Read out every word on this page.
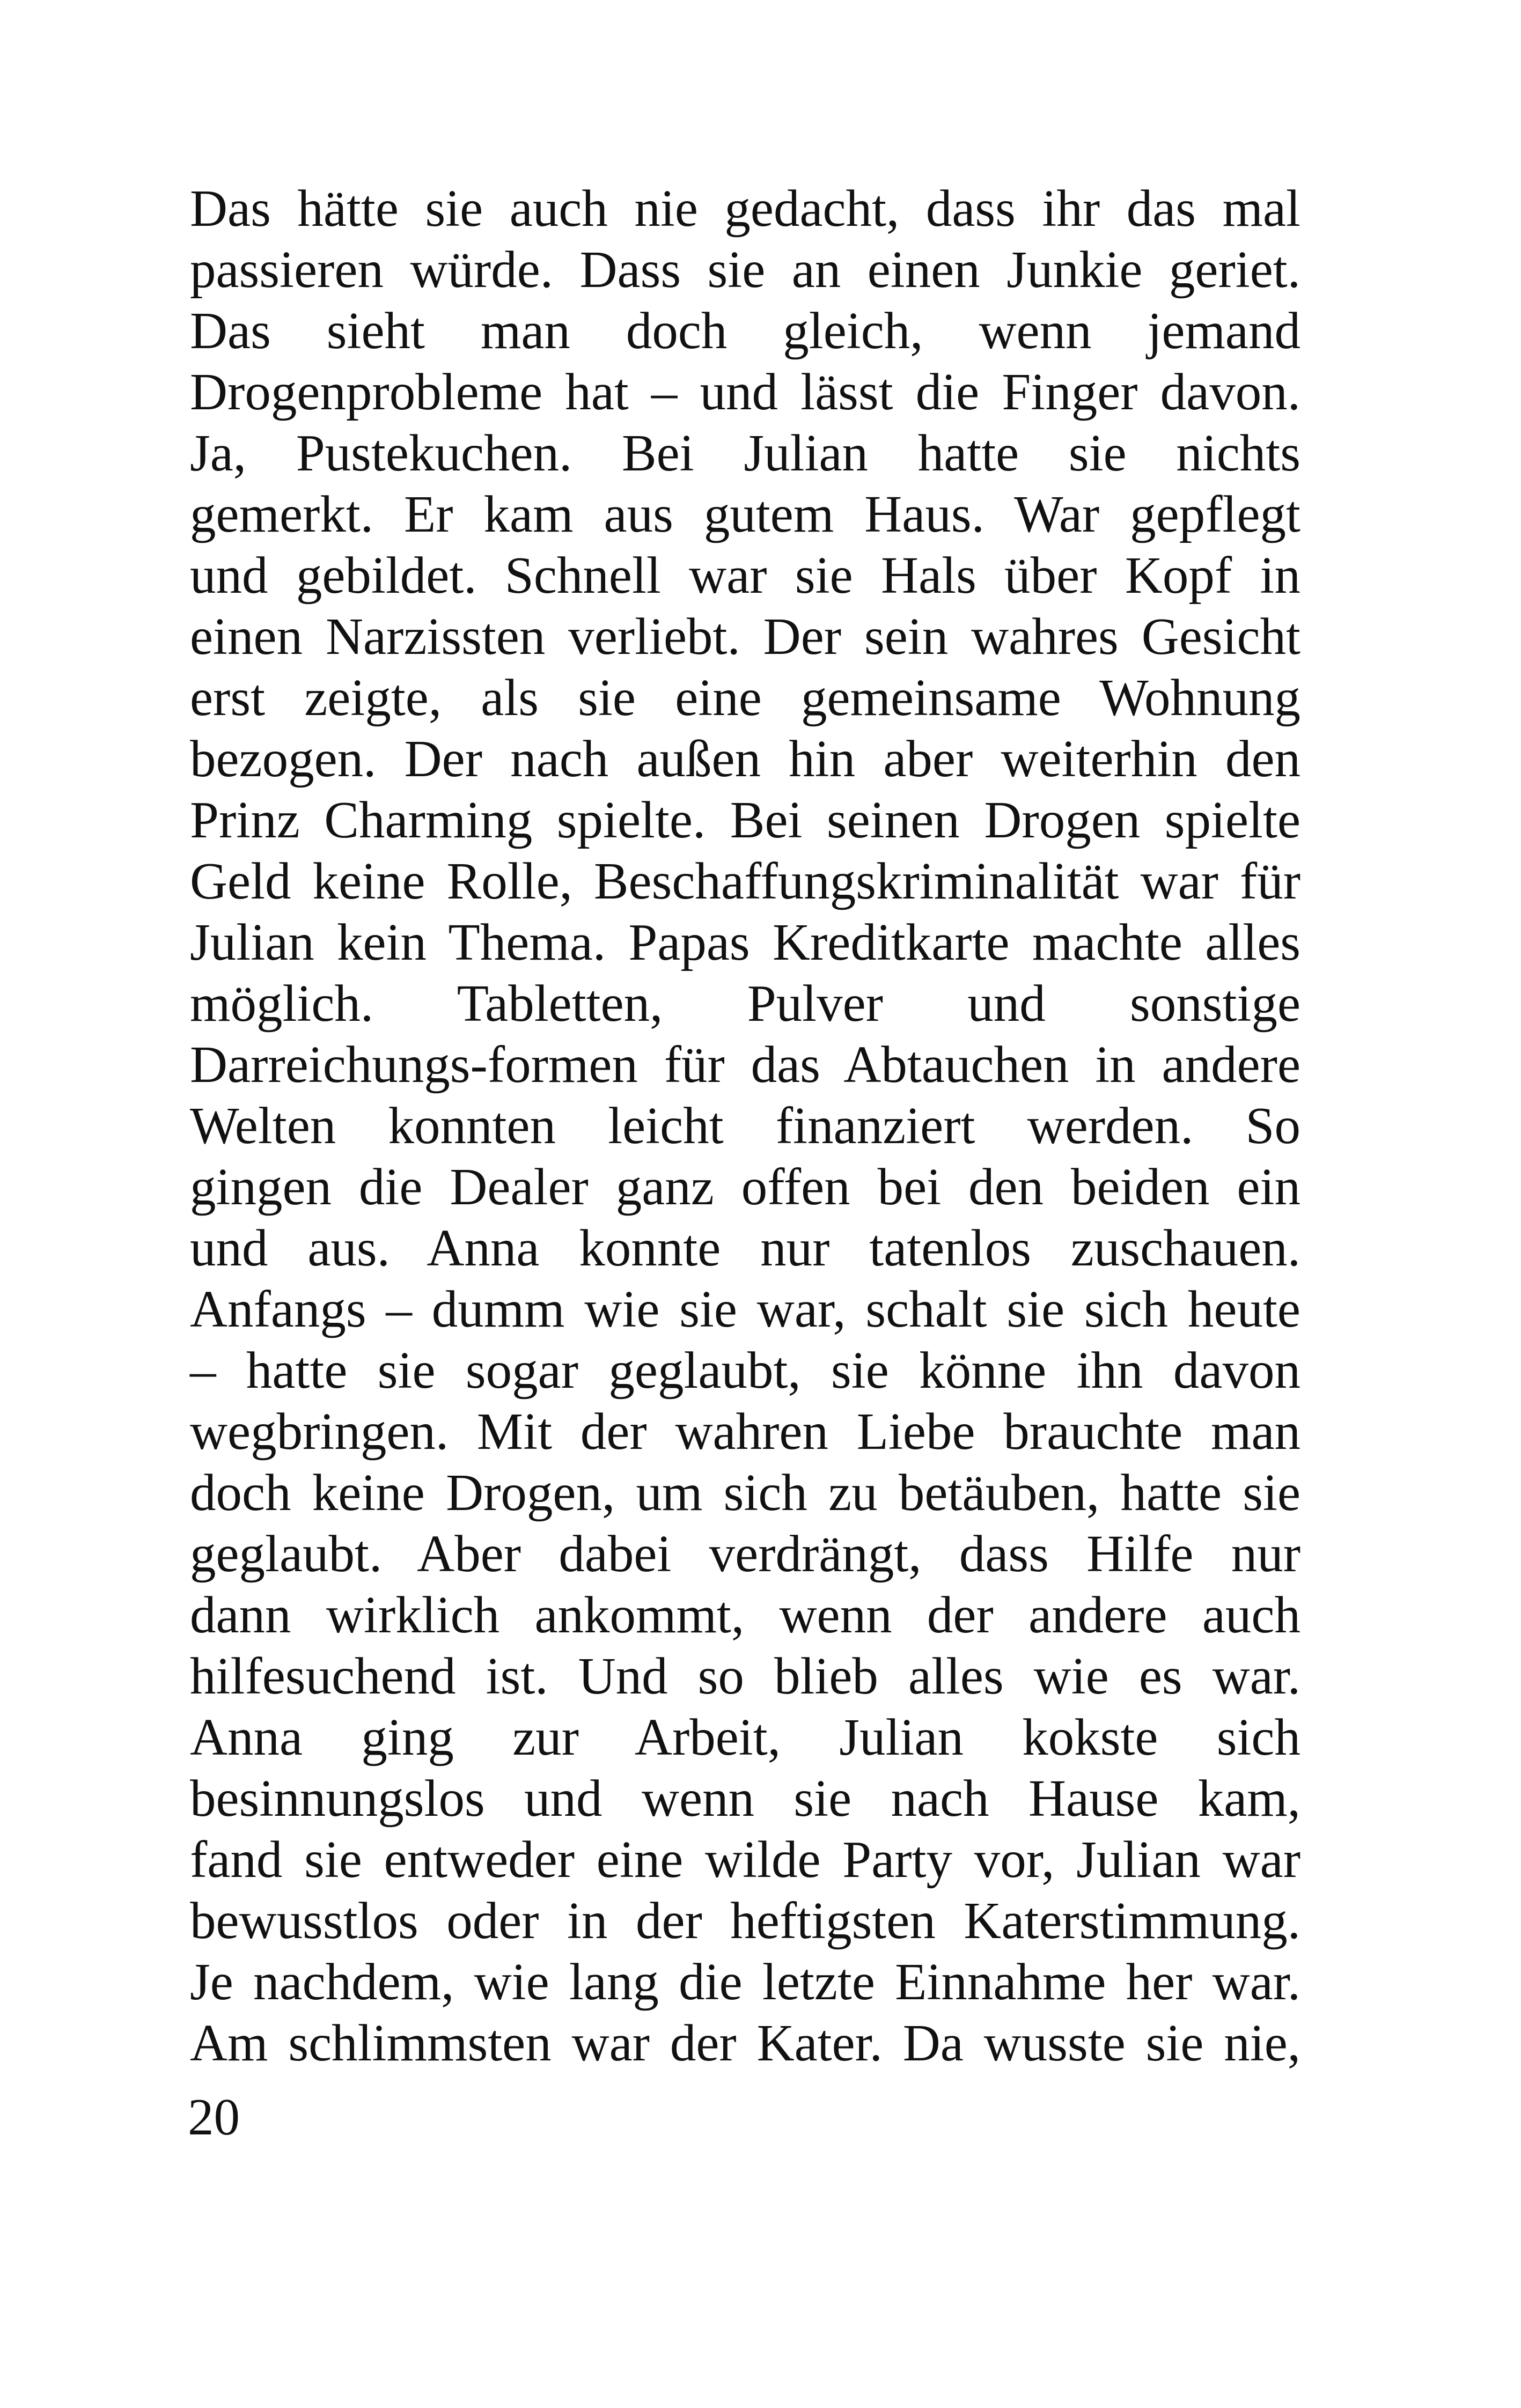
Das hätte sie auch nie gedacht, dass ihr das mal
passieren würde. Dass sie an einen Junkie geriet.
Das sieht man doch gleich, wenn jemand
Drogenprobleme hat – und lässt die Finger davon.
Ja, Pustekuchen. Bei Julian hatte sie nichts
gemerkt. Er kam aus gutem Haus. War gepflegt
und gebildet. Schnell war sie Hals über Kopf in
einen Narzissten verliebt. Der sein wahres Gesicht
erst zeigte, als sie eine gemeinsame Wohnung
bezogen. Der nach außen hin aber weiterhin den
Prinz Charming spielte. Bei seinen Drogen spielte
Geld keine Rolle, Beschaffungskriminalität war für
Julian kein Thema. Papas Kreditkarte machte alles
möglich. Tabletten, Pulver und sonstige
Darreichungs-formen für das Abtauchen in andere
Welten konnten leicht finanziert werden. So
gingen die Dealer ganz offen bei den beiden ein
und aus. Anna konnte nur tatenlos zuschauen.
Anfangs – dumm wie sie war, schalt sie sich heute
– hatte sie sogar geglaubt, sie könne ihn davon
wegbringen. Mit der wahren Liebe brauchte man
doch keine Drogen, um sich zu betäuben, hatte sie
geglaubt. Aber dabei verdrängt, dass Hilfe nur
dann wirklich ankommt, wenn der andere auch
hilfesuchend ist. Und so blieb alles wie es war.
Anna ging zur Arbeit, Julian kokste sich
besinnungslos und wenn sie nach Hause kam,
fand sie entweder eine wilde Party vor, Julian war
bewusstlos oder in der heftigsten Katerstimmung.
Je nachdem, wie lang die letzte Einnahme her war.
Am schlimmsten war der Kater. Da wusste sie nie,
20
